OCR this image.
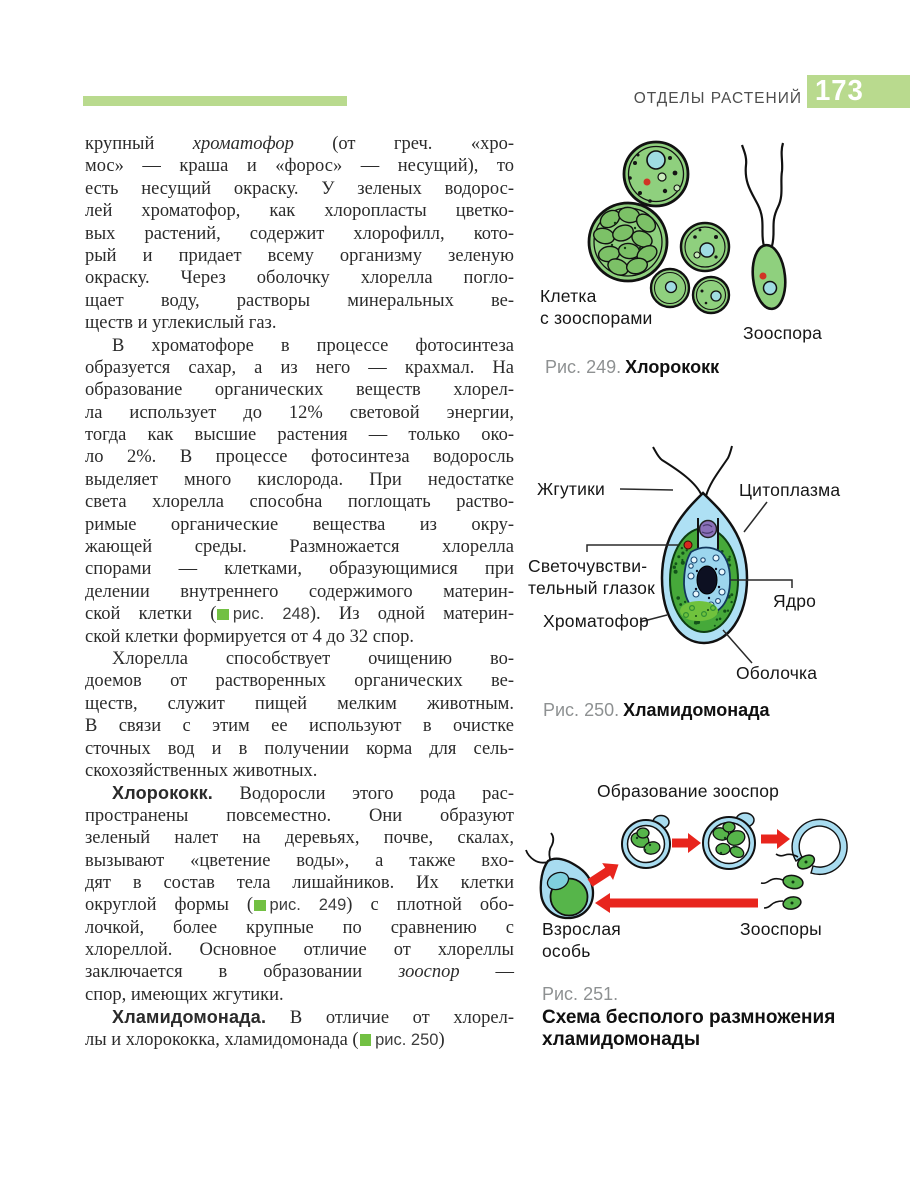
ОТДЕЛЫ РАСТЕНИЙ 173
крупный хроматофор (от греч. «хро-
мос» — краша и «форос» — несущий), то
есть несущий окраску. У зеленых водорос-
лей хроматофор, как хлоропласты цветко-
вых растений, содержит хлорофилл, кото-
рый и придает всему организму зеленую
окраску. Через оболочку хлорелла погло-
щает воду, растворы минеральных ве-
ществ и углекислый газ.
В хроматофоре в процессе фотосинтеза
образуется сахар, а из него — крахмал. На
образование органических веществ хлорел-
ла использует до 12% световой энергии,
тогда как высшие растения — только око-
ло 2%. В процессе фотосинтеза водоросль
выделяет много кислорода. При недостатке
света хлорелла способна поглощать раство-
римые органические вещества из окру-
жающей среды. Размножается хлорелла
спорами — клетками, образующимися при
делении внутреннего содержимого материн-
ской клетки ( рис. 248). Из одной материн-
ской клетки формируется от 4 до 32 спор.
Хлорелла способствует очищению во-
доемов от растворенных органических ве-
ществ, служит пищей мелким животным.
В связи с этим ее используют в очистке
сточных вод и в получении корма для сель-
скохозяйственных животных.
Хлорококк. Водоросли этого рода рас-
пространены повсеместно. Они образуют
зеленый налет на деревьях, почве, скалах,
вызывают «цветение воды», а также вхо-
дят в состав тела лишайников. Их клетки
округлой формы ( рис. 249) с плотной обо-
лочкой, более крупные по сравнению с
хлореллой. Основное отличие от хлореллы
заключается в образовании зооспор —
спор, имеющих жгутики.
Хламидомонада. В отличие от хлорел-
лы и хлорококка, хламидомонада ( рис. 250)
Клетка
с зооспорами
Зооспора
Рис. 249. Хлорококк
Жгутики	Цитоплазма
Светочувстви-
тельный глазок
Хроматофор
Ядро
Оболочка
Рис. 250. Хламидомонада
Образование зооспор
Взрослая
особь
Зооспоры
Рис. 251.
Схема бесполого размножения
хламидомонады
